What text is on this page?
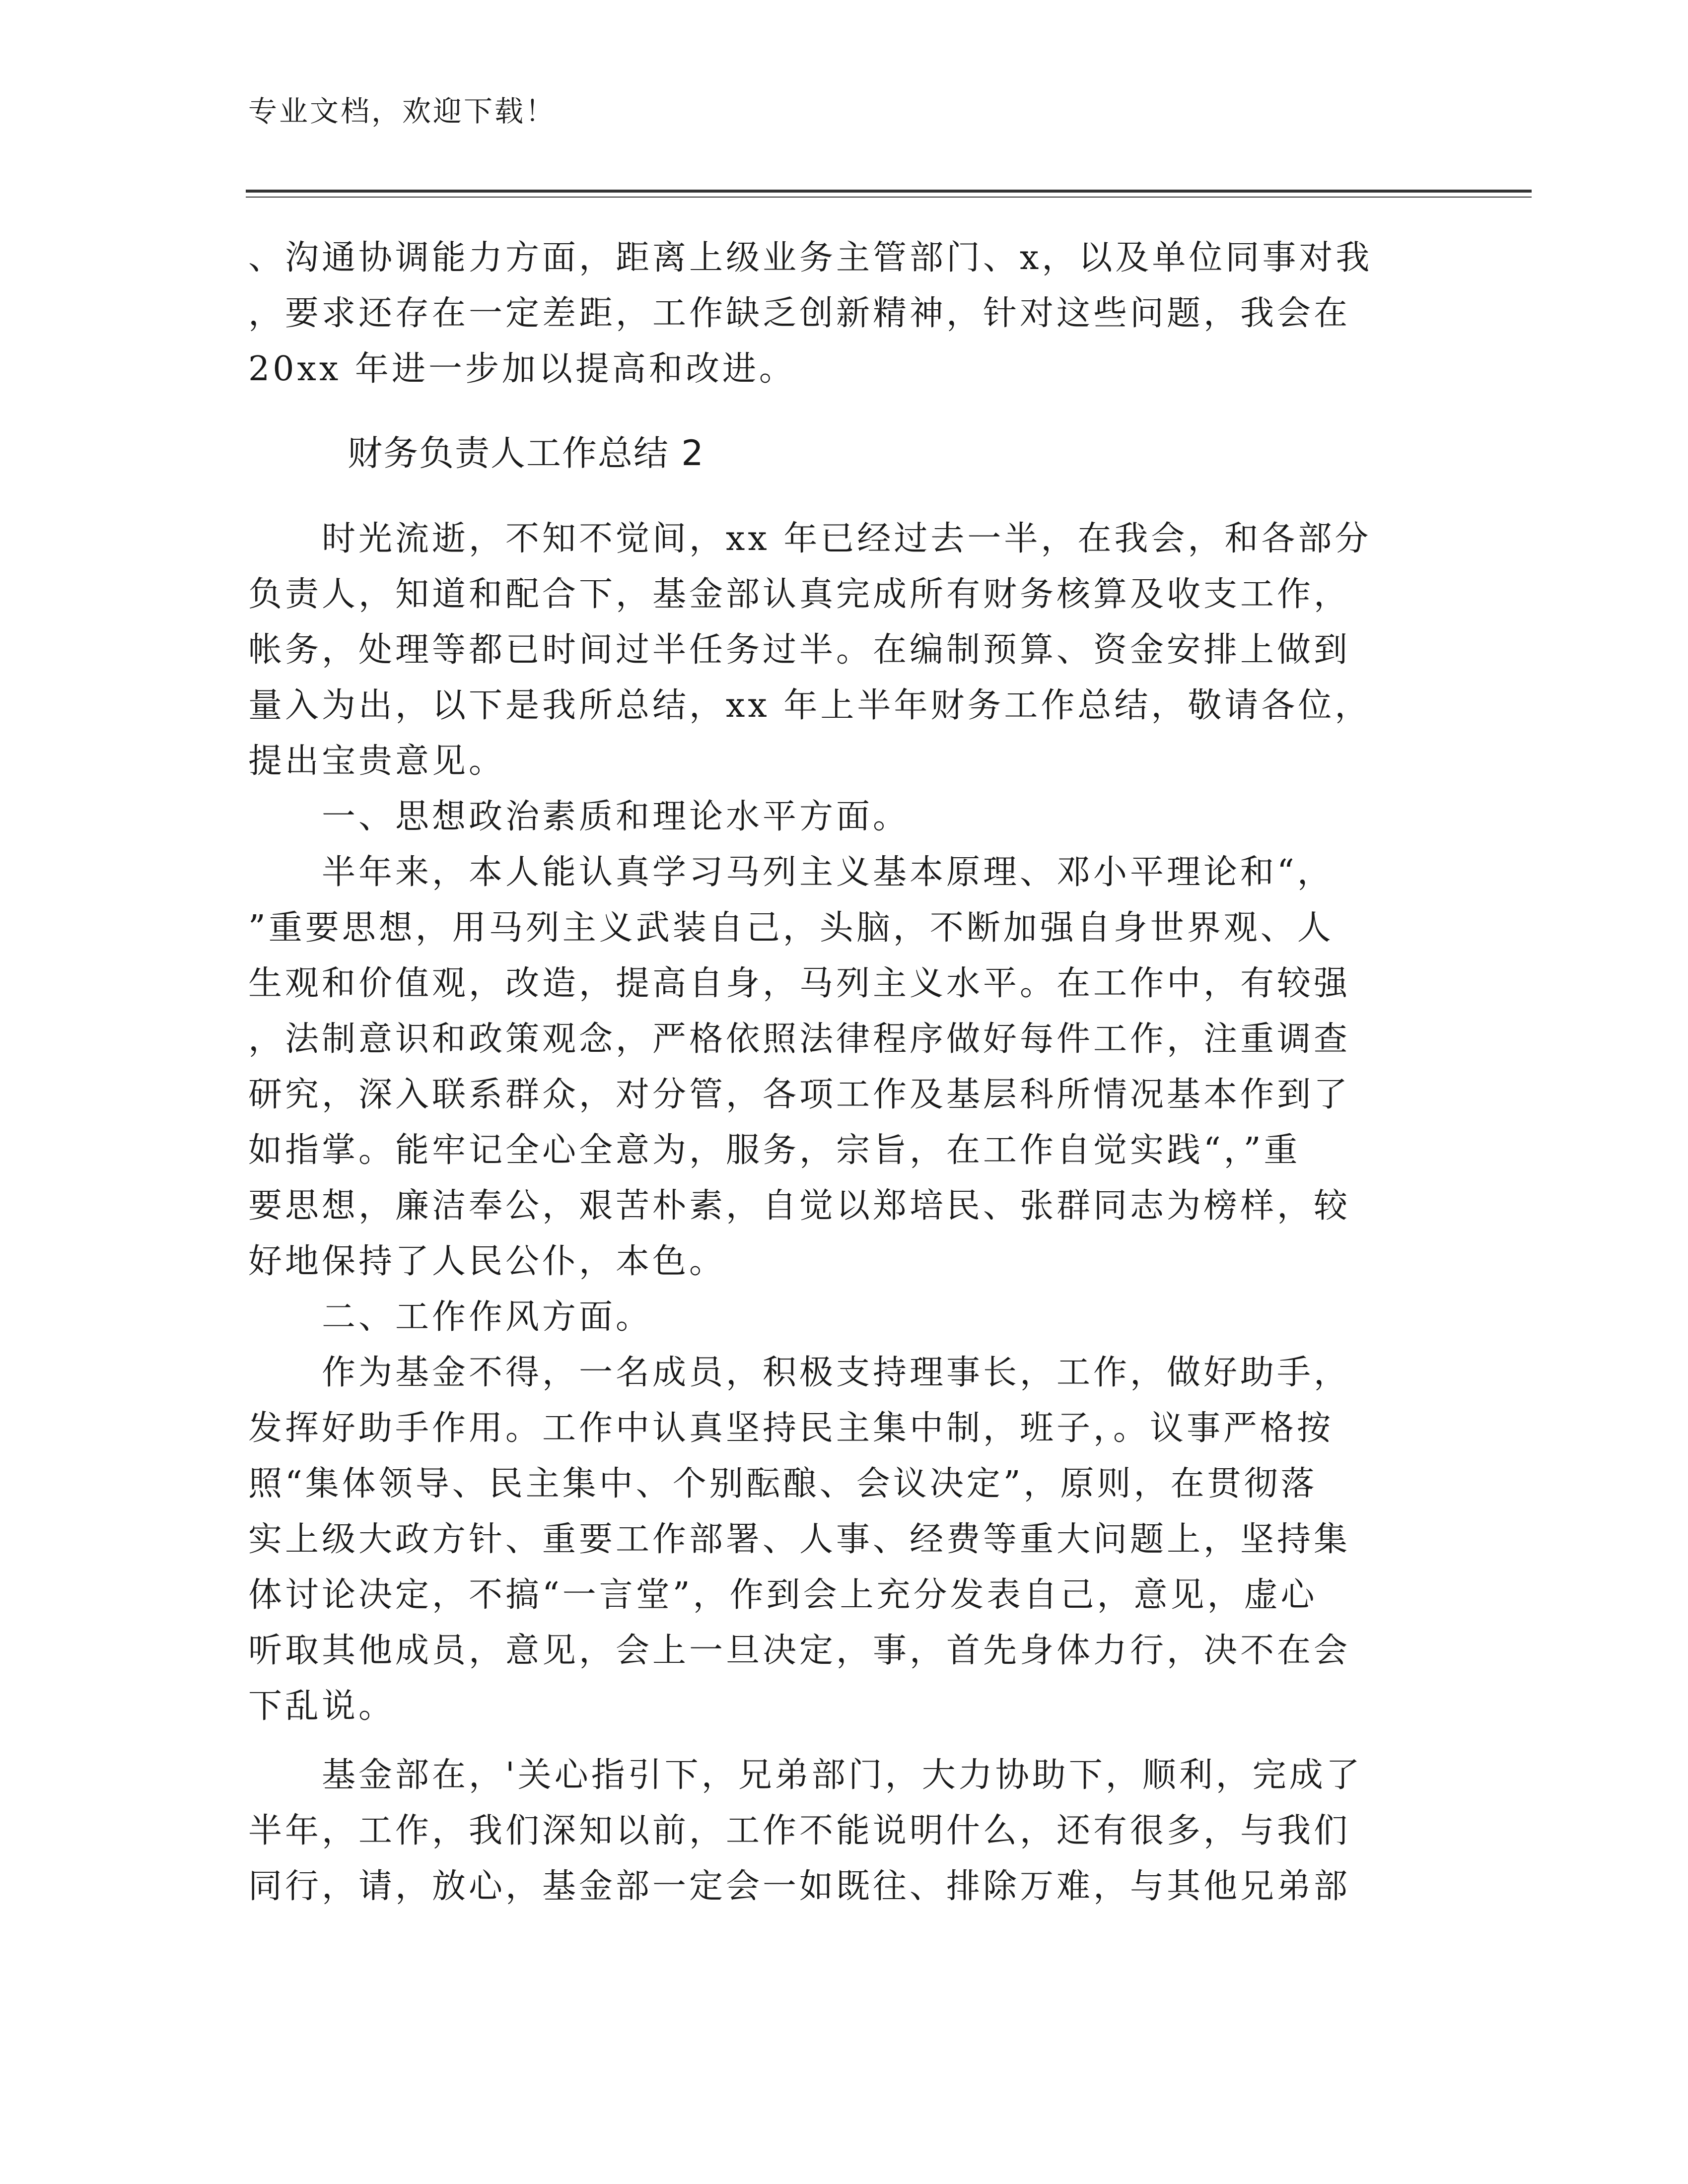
专业文档，欢迎下载！
、沟通协调能力方面，距离上级业务主管部门、x，以及单位同事对我
，要求还存在一定差距，工作缺乏创新精神，针对这些问题，我会在
20xx 年进一步加以提高和改进。
财务负责人工作总结 2
　　时光流逝，不知不觉间，xx 年已经过去一半，在我会，和各部分
负责人，知道和配合下，基金部认真完成所有财务核算及收支工作，
帐务，处理等都已时间过半任务过半。在编制预算、资金安排上做到
量入为出，以下是我所总结，xx 年上半年财务工作总结，敬请各位，
提出宝贵意见。
　　一、思想政治素质和理论水平方面。
　　半年来，本人能认真学习马列主义基本原理、邓小平理论和“，
”重要思想，用马列主义武装自己，头脑，不断加强自身世界观、人
生观和价值观，改造，提高自身，马列主义水平。在工作中，有较强
，法制意识和政策观念，严格依照法律程序做好每件工作，注重调查
研究，深入联系群众，对分管，各项工作及基层科所情况基本作到了
如指掌。能牢记全心全意为，服务，宗旨，在工作自觉实践“，”重
要思想，廉洁奉公，艰苦朴素，自觉以郑培民、张群同志为榜样，较
好地保持了人民公仆，本色。
　　二、工作作风方面。
　　作为基金不得，一名成员，积极支持理事长，工作，做好助手，
发挥好助手作用。工作中认真坚持民主集中制，班子，。议事严格按
照“集体领导、民主集中、个别酝酿、会议决定”，原则，在贯彻落
实上级大政方针、重要工作部署、人事、经费等重大问题上，坚持集
体讨论决定，不搞“一言堂”，作到会上充分发表自己，意见，虚心
听取其他成员，意见，会上一旦决定，事，首先身体力行，决不在会
下乱说。
　　基金部在，'关心指引下，兄弟部门，大力协助下，顺利，完成了
半年，工作，我们深知以前，工作不能说明什么，还有很多，与我们
同行，请，放心，基金部一定会一如既往、排除万难，与其他兄弟部
